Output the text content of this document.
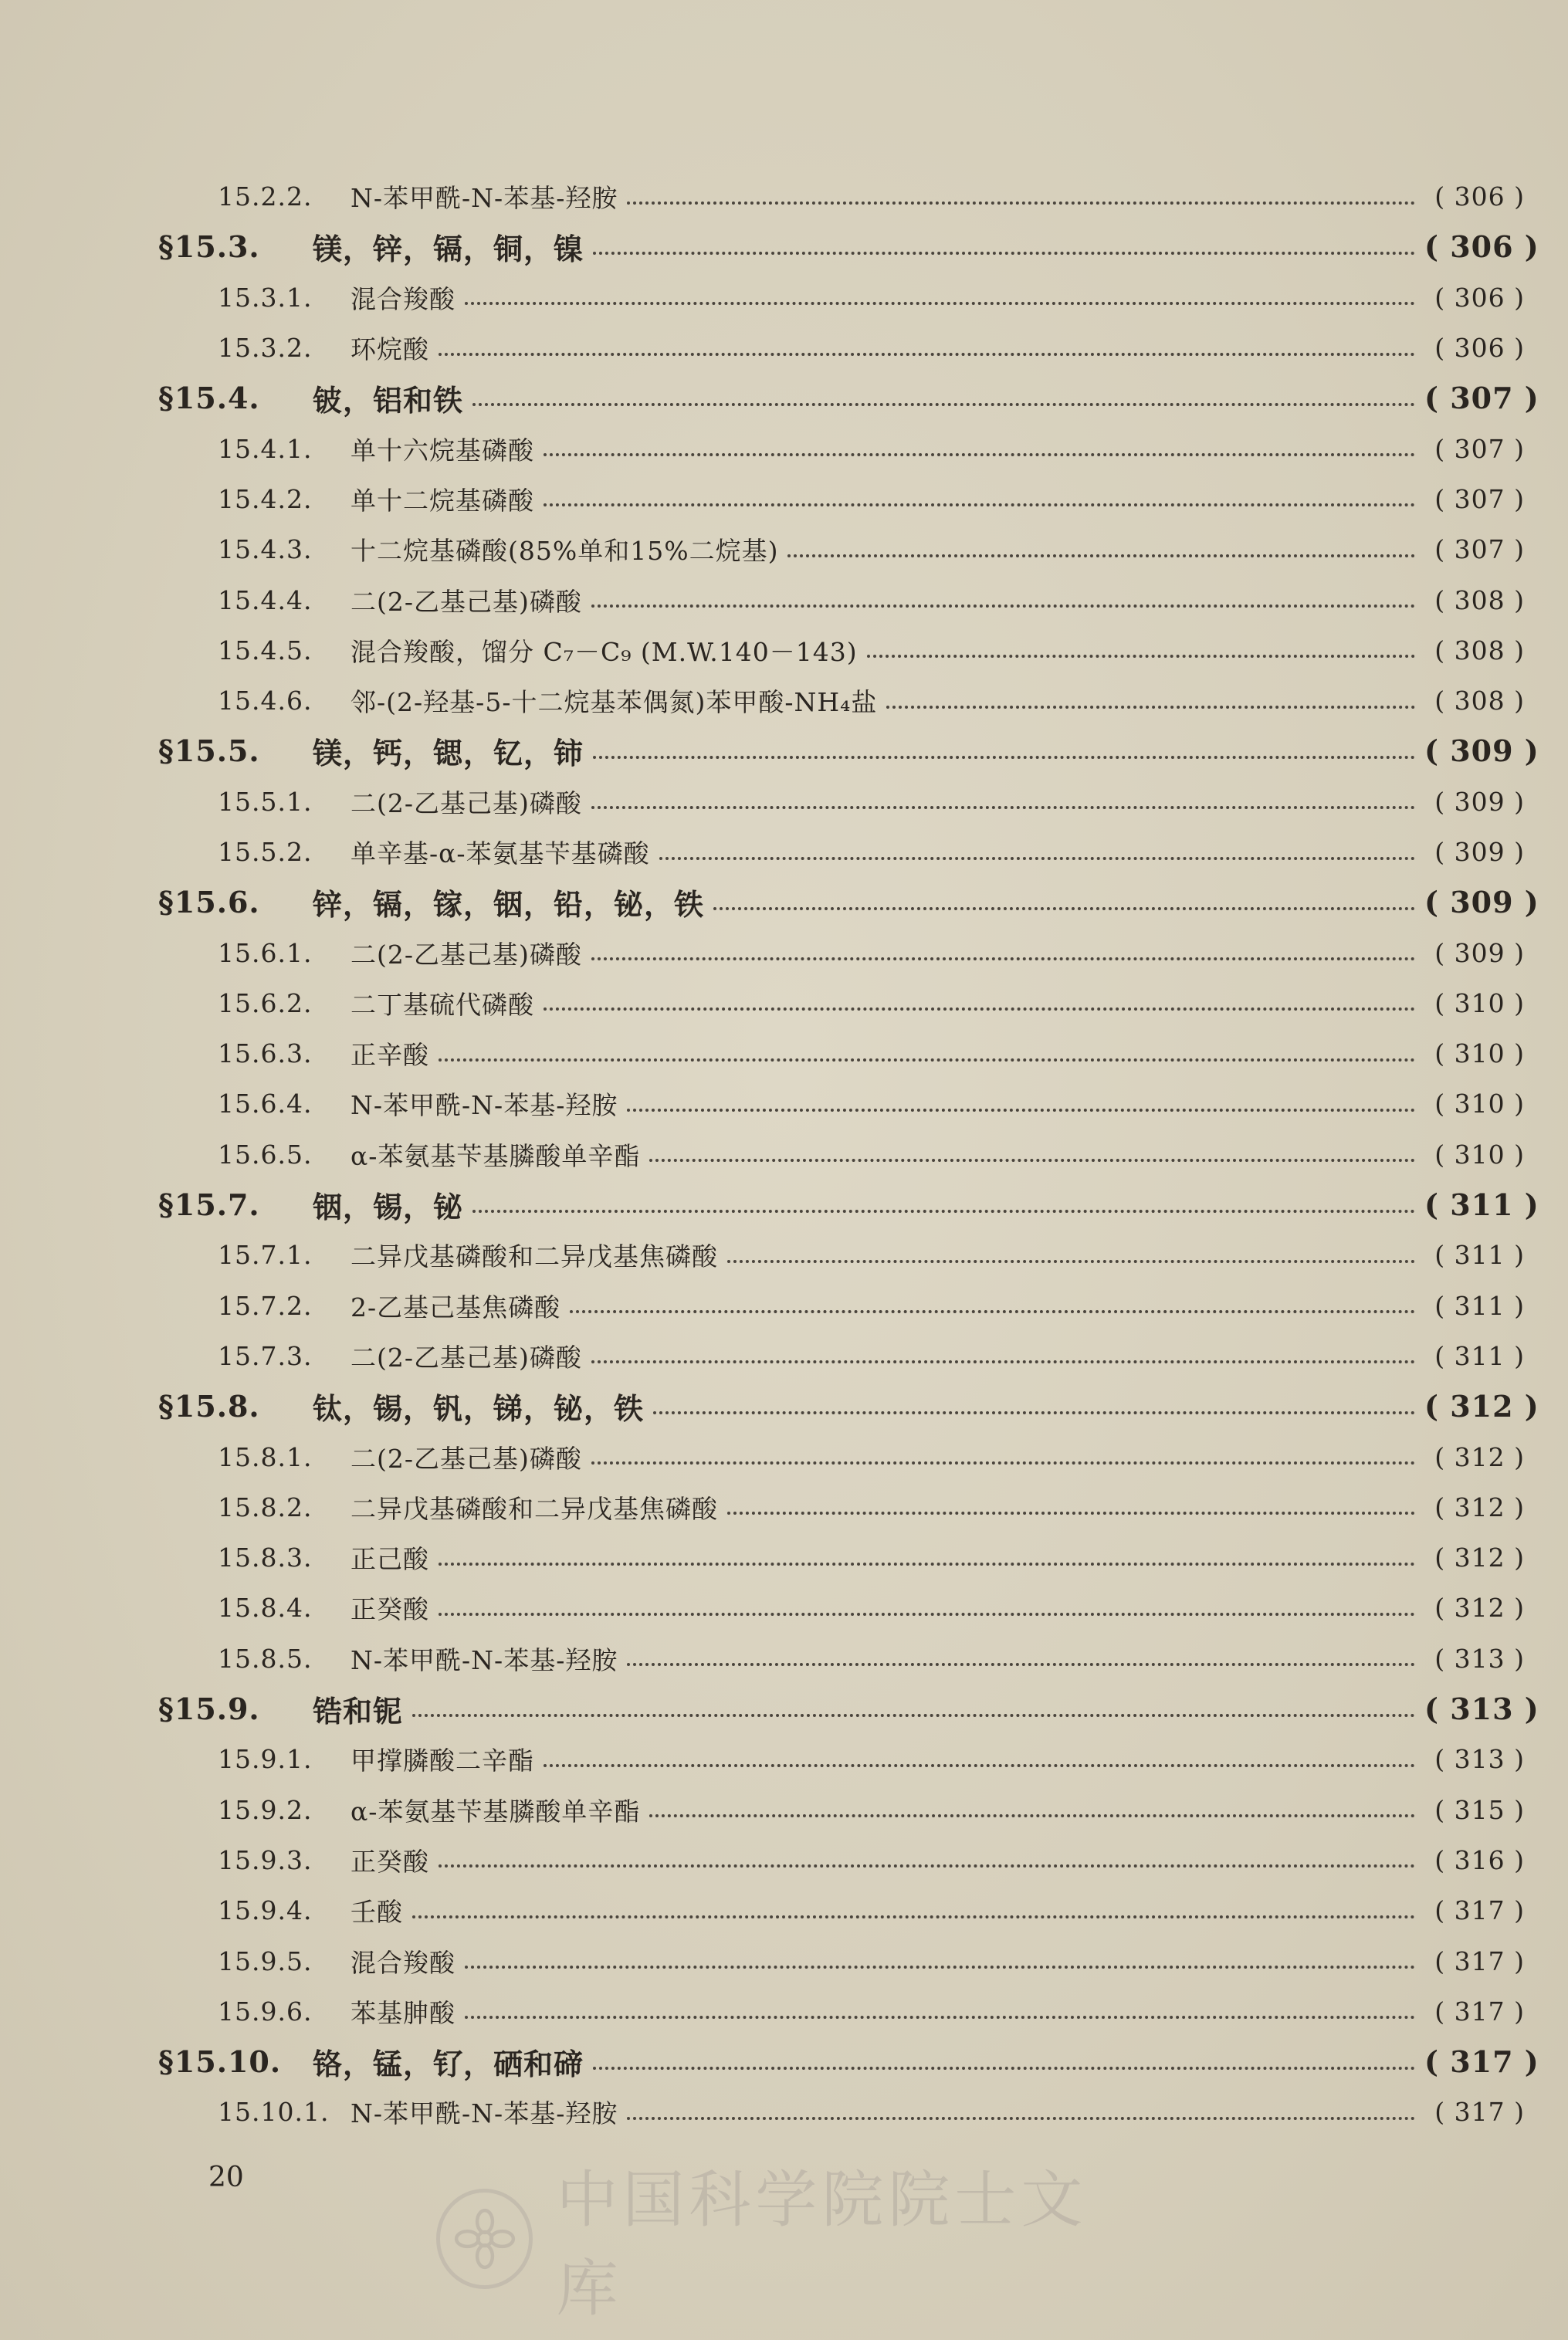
15.2.2.	N-苯甲酰-N-苯基-羟胺	( 306 )
§15.3.	镁，锌，镉，铜，镍	( 306 )
15.3.1.	混合羧酸	( 306 )
15.3.2.	环烷酸	( 306 )
§15.4.	铍，铝和铁	( 307 )
15.4.1.	单十六烷基磷酸	( 307 )
15.4.2.	单十二烷基磷酸	( 307 )
15.4.3.	十二烷基磷酸(85%单和15%二烷基)	( 307 )
15.4.4.	二(2-乙基己基)磷酸	( 308 )
15.4.5.	混合羧酸，馏分 C₇－C₉ (M.W.140－143)	( 308 )
15.4.6.	邻-(2-羟基-5-十二烷基苯偶氮)苯甲酸-NH₄盐	( 308 )
§15.5.	镁，钙，锶，钇，铈	( 309 )
15.5.1.	二(2-乙基己基)磷酸	( 309 )
15.5.2.	单辛基-α-苯氨基苄基磷酸	( 309 )
§15.6.	锌，镉，镓，铟，铅，铋，铁	( 309 )
15.6.1.	二(2-乙基己基)磷酸	( 309 )
15.6.2.	二丁基硫代磷酸	( 310 )
15.6.3.	正辛酸	( 310 )
15.6.4.	N-苯甲酰-N-苯基-羟胺	( 310 )
15.6.5.	α-苯氨基苄基膦酸单辛酯	( 310 )
§15.7.	铟，锡，铋	( 311 )
15.7.1.	二异戊基磷酸和二异戊基焦磷酸	( 311 )
15.7.2.	2-乙基己基焦磷酸	( 311 )
15.7.3.	二(2-乙基己基)磷酸	( 311 )
§15.8.	钛，锡，钒，锑，铋，铁	( 312 )
15.8.1.	二(2-乙基己基)磷酸	( 312 )
15.8.2.	二异戊基磷酸和二异戊基焦磷酸	( 312 )
15.8.3.	正己酸	( 312 )
15.8.4.	正癸酸	( 312 )
15.8.5.	N-苯甲酰-N-苯基-羟胺	( 313 )
§15.9.	锆和铌	( 313 )
15.9.1.	甲撑膦酸二辛酯	( 313 )
15.9.2.	α-苯氨基苄基膦酸单辛酯	( 315 )
15.9.3.	正癸酸	( 316 )
15.9.4.	壬酸	( 317 )
15.9.5.	混合羧酸	( 317 )
15.9.6.	苯基胂酸	( 317 )
§15.10.	铬，锰，钌，硒和碲	( 317 )
15.10.1. N-苯甲酰-N-苯基-羟胺	( 317 )
20	中国科学院院士文库
